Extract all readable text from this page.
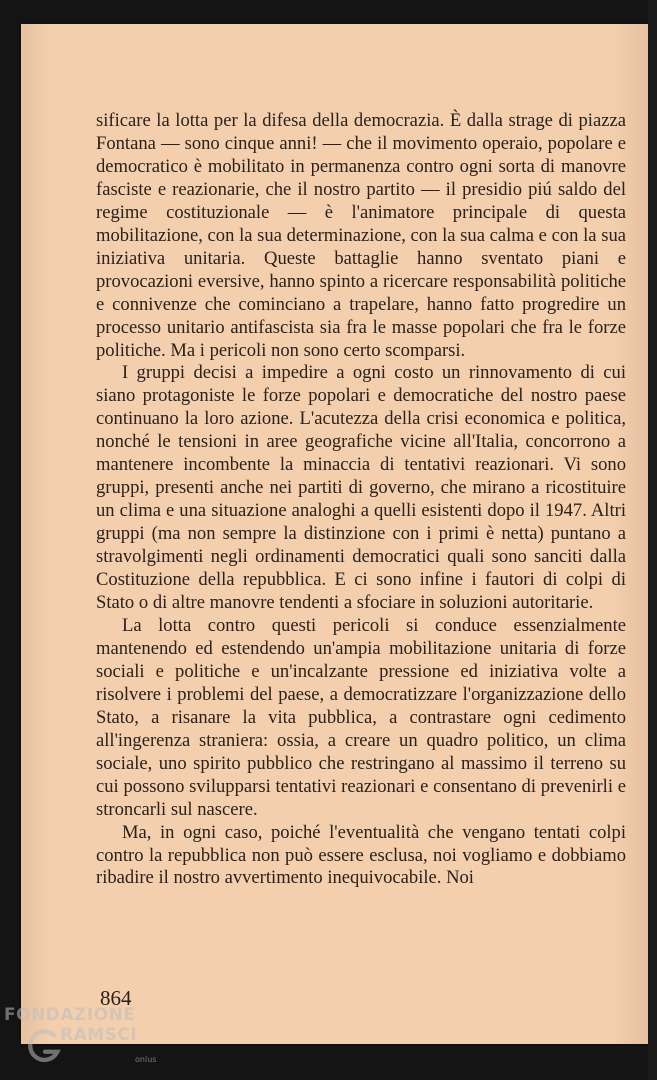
sificare la lotta per la difesa della democrazia. È dalla strage di piazza Fontana — sono cinque anni! — che il movimento operaio, popolare e democratico è mobilitato in permanenza contro ogni sorta di manovre fasciste e reazionarie, che il nostro partito — il presidio piú saldo del regime costituzionale — è l'animatore principale di questa mobilitazione, con la sua determinazione, con la sua calma e con la sua iniziativa unitaria. Queste battaglie hanno sventato piani e provocazioni eversive, hanno spinto a ricercare responsabilità politiche e connivenze che cominciano a trapelare, hanno fatto progredire un processo unitario antifascista sia fra le masse popolari che fra le forze politiche. Ma i pericoli non sono certo scomparsi.

I gruppi decisi a impedire a ogni costo un rinnovamento di cui siano protagoniste le forze popolari e democratiche del nostro paese continuano la loro azione. L'acutezza della crisi economica e politica, nonché le tensioni in aree geografiche vicine all'Italia, concorrono a mantenere incombente la minaccia di tentativi reazionari. Vi sono gruppi, presenti anche nei partiti di governo, che mirano a ricostituire un clima e una situazione analoghi a quelli esistenti dopo il 1947. Altri gruppi (ma non sempre la distinzione con i primi è netta) puntano a stravolgimenti negli ordinamenti democratici quali sono sanciti dalla Costituzione della repubblica. E ci sono infine i fautori di colpi di Stato o di altre manovre tendenti a sfociare in soluzioni autoritarie.

La lotta contro questi pericoli si conduce essenzialmente mantenendo ed estendendo un'ampia mobilitazione unitaria di forze sociali e politiche e un'incalzante pressione ed iniziativa volte a risolvere i problemi del paese, a democratizzare l'organizzazione dello Stato, a risanare la vita pubblica, a contrastare ogni cedimento all'ingerenza straniera: ossia, a creare un quadro politico, un clima sociale, uno spirito pubblico che restringano al massimo il terreno su cui possono svilupparsi tentativi reazionari e consentano di prevenirli e stroncarli sul nascere.

Ma, in ogni caso, poiché l'eventualità che vengano tentati colpi contro la repubblica non può essere esclusa, noi vogliamo e dobbiamo ribadire il nostro avvertimento inequivocabile. Noi

864
FONDAZIONE
RAMSCI
onlus
